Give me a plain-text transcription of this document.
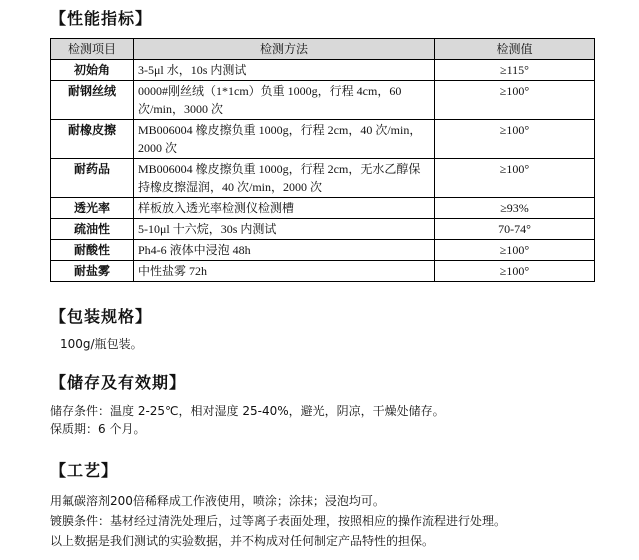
【性能指标】
检测项目	检测方法	检测值
初始角	3-5μl 水，10s 内测试	≥115°
耐钢丝绒	0000#刚丝绒（1*1cm）负重 1000g，行程 4cm，60 次/min，3000 次	≥100°
耐橡皮擦	MB006004 橡皮擦负重 1000g，行程 2cm，40 次/min，2000 次	≥100°
耐药品	MB006004 橡皮擦负重 1000g，行程 2cm，无水乙醇保持橡皮擦湿润，40 次/min，2000 次	≥100°
透光率	样板放入透光率检测仪检测槽	≥93%
疏油性	5-10μl 十六烷，30s 内测试	70-74°
耐酸性	Ph4-6 液体中浸泡 48h	≥100°
耐盐雾	中性盐雾 72h	≥100°
【包装规格】
100g/瓶包装。
【储存及有效期】
储存条件：温度 2-25℃，相对湿度 25-40%，避光，阴凉，干燥处储存。
保质期：6 个月。
【工艺】
用氟碳溶剂200倍稀释成工作液使用，喷涂；涂抹；浸泡均可。
镀膜条件：基材经过清洗处理后，过等离子表面处理，按照相应的操作流程进行处理。
以上数据是我们测试的实验数据，并不构成对任何制定产品特性的担保。
